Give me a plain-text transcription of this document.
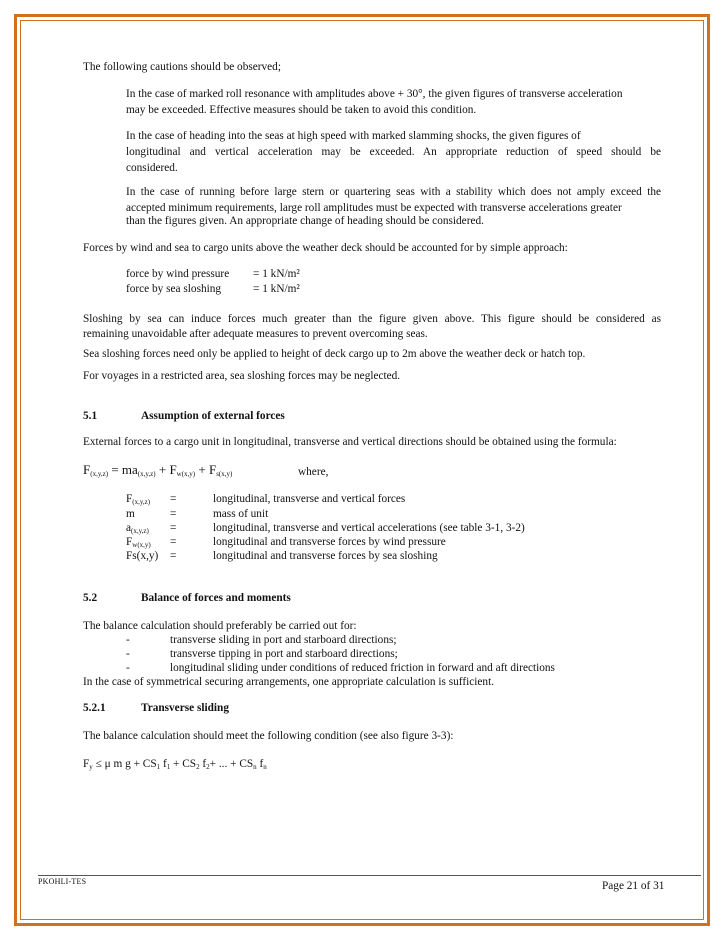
The following cautions should be observed;
In the case of marked roll resonance with amplitudes above + 30°, the given figures of transverse acceleration
may be exceeded. Effective measures should be taken to avoid this condition.
In the case of heading into the seas at high speed with marked slamming shocks, the given figures of
longitudinal and vertical acceleration may be exceeded. An appropriate reduction of speed should be
considered.
In the case of running before large stern or quartering seas with a stability which does not amply exceed the
accepted minimum requirements, large roll amplitudes must be expected with transverse accelerations greater
than the figures given. An appropriate change of heading should be considered.
Forces by wind and sea to cargo units above the weather deck should be accounted for by simple approach:
force by wind pressure = 1 kN/m²
force by sea sloshing	= 1 kN/m²
Sloshing by sea can induce forces much greater than the figure given above. This figure should be considered as
remaining unavoidable after adequate measures to prevent overcoming seas.
Sea sloshing forces need only be applied to height of deck cargo up to 2m above the weather deck or hatch top.
For voyages in a restricted area, sea sloshing forces may be neglected.
5.1	Assumption of external forces
External forces to a cargo unit in longitudinal, transverse and vertical directions should be obtained using the formula:
$F_{(x,y,z)} = ma_{(x,y,z)} + F_{w(x,y)} + F_{s(x,y)}$	where,
$F_{(x,y,z)}$ =	longitudinal, transverse and vertical forces
m	=	mass of unit
$a_{(x,y,z)}$ =	longitudinal, transverse and vertical accelerations (see table 3-1, 3-2)
$F_{w(x,y)}$ =	longitudinal and transverse forces by wind pressure
Fs(x,y) =	longitudinal and transverse forces by sea sloshing
5.2	Balance of forces and moments
The balance calculation should preferably be carried out for:
-	transverse sliding in port and starboard directions;
-	transverse tipping in port and starboard directions;
-	longitudinal sliding under conditions of reduced friction in forward and aft directions
In the case of symmetrical securing arrangements, one appropriate calculation is sufficient.
5.2.1	Transverse sliding
The balance calculation should meet the following condition (see also figure 3-3):
$F_y \le \mu$ m $g + CS_1$ $f_1 + CS_2$ $f_2+$ ... + $CS_n$ $f_n$
PKOHLI-TES	Page 21 of 31
